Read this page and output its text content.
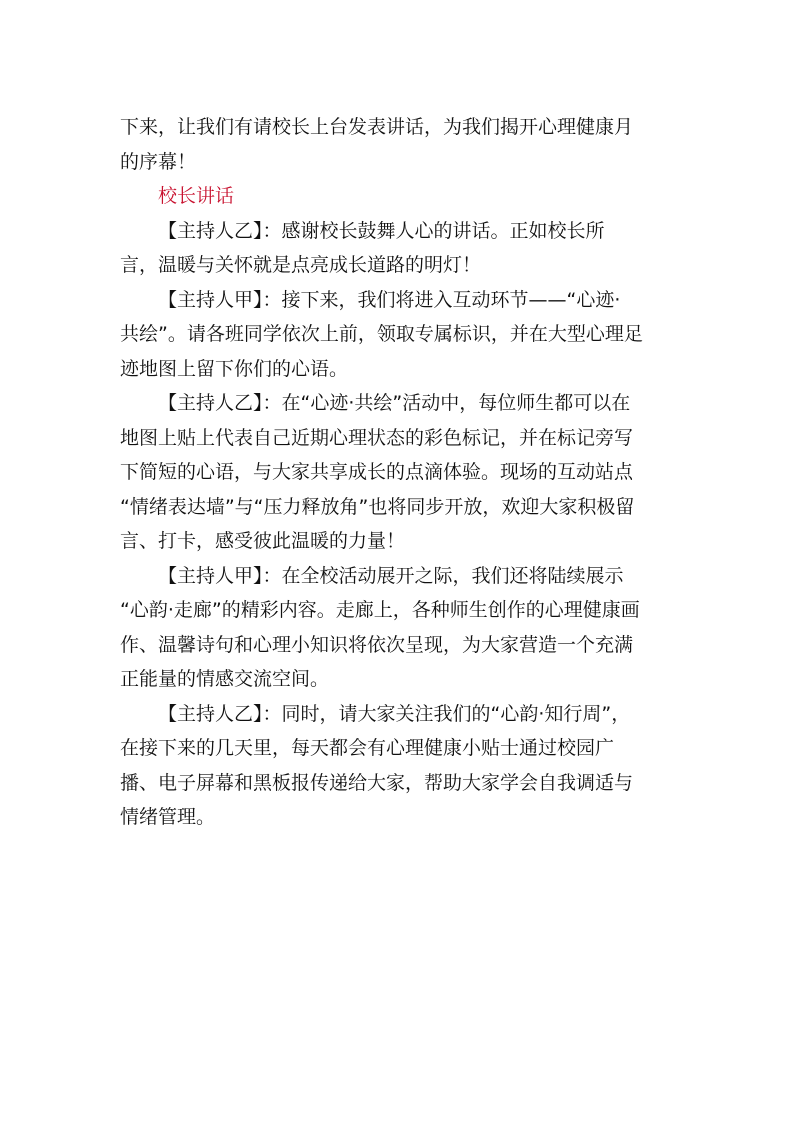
下来，让我们有请校长上台发表讲话，为我们揭开心理健康月
的序幕！
校长讲话
【主持人乙】：感谢校长鼓舞人心的讲话。正如校长所
言，温暖与关怀就是点亮成长道路的明灯！
【主持人甲】：接下来，我们将进入互动环节——“心迹·
共绘”。请各班同学依次上前，领取专属标识，并在大型心理足
迹地图上留下你们的心语。
【主持人乙】：在“心迹·共绘”活动中，每位师生都可以在
地图上贴上代表自己近期心理状态的彩色标记，并在标记旁写
下简短的心语，与大家共享成长的点滴体验。现场的互动站点
“情绪表达墙”与“压力释放角”也将同步开放，欢迎大家积极留
言、打卡，感受彼此温暖的力量！
【主持人甲】：在全校活动展开之际，我们还将陆续展示
“心韵·走廊”的精彩内容。走廊上，各种师生创作的心理健康画
作、温馨诗句和心理小知识将依次呈现，为大家营造一个充满
正能量的情感交流空间。
【主持人乙】：同时，请大家关注我们的“心韵·知行周”，
在接下来的几天里，每天都会有心理健康小贴士通过校园广
播、电子屏幕和黑板报传递给大家，帮助大家学会自我调适与
情绪管理。
